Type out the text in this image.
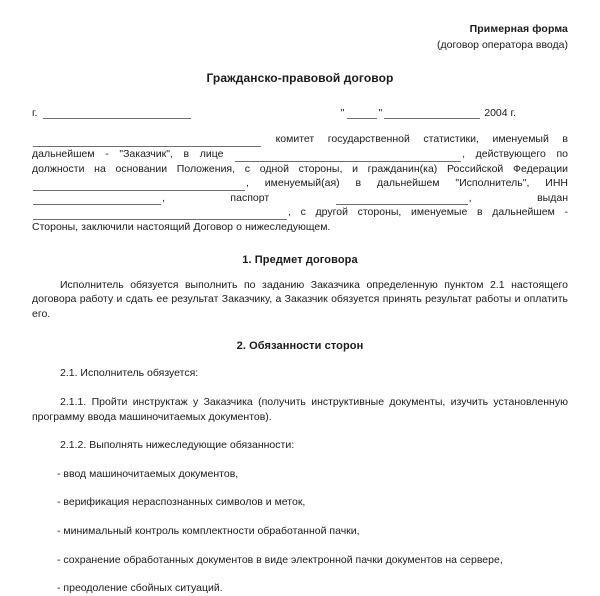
Примерная форма
(договор оператора ввода)
Гражданско-правовой договор
г.	"	"	2004 г.

комитет государственной статистики, именуемый в дальнейшем - "Заказчик", в лице	, действующего по должности на основании Положения, с одной стороны, и гражданин(ка) Российской Федерации , именуемый(ая) в дальнейшем "Исполнитель", ИНН , паспорт	, выдан , с другой стороны, именуемые в дальнейшем - Стороны, заключили настоящий Договор о нижеследующем.

1. Предмет договора

Исполнитель обязуется выполнить по заданию Заказчика определенную пунктом 2.1 настоящего договора работу и сдать ее результат Заказчику, а Заказчик обязуется принять результат работы и оплатить его.

2. Обязанности сторон

2.1. Исполнитель обязуется:

2.1.1. Пройти инструктаж у Заказчика (получить инструктивные документы, изучить установленную программу ввода машиночитаемых документов).

2.1.2. Выполнять нижеследующие обязанности:

- ввод машиночитаемых документов,
- верификация нераспознанных символов и меток,
- минимальный контроль комплектности обработанной пачки,
- сохранение обработанных документов в виде электронной пачки документов на сервере,
- преодоление сбойных ситуаций.
